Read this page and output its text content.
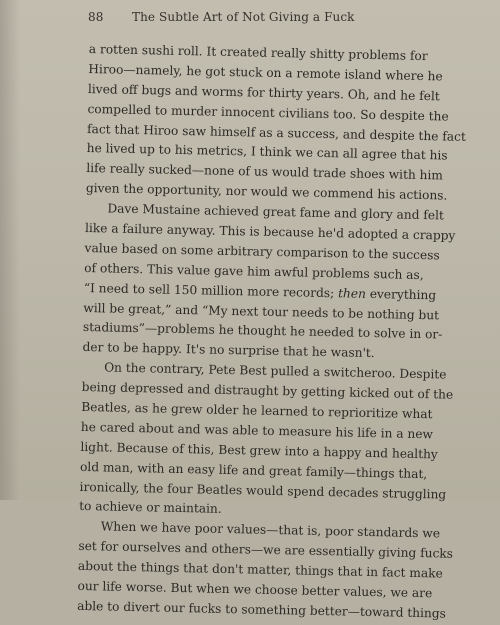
88 The Subtle Art of Not Giving a Fuck
a rotten sushi roll. It created really shitty problems for
Hiroo—namely, he got stuck on a remote island where he
lived off bugs and worms for thirty years. Oh, and he felt
compelled to murder innocent civilians too. So despite the
fact that Hiroo saw himself as a success, and despite the fact
he lived up to his metrics, I think we can all agree that his
life really sucked—none of us would trade shoes with him
given the opportunity, nor would we commend his actions.
Dave Mustaine achieved great fame and glory and felt
like a failure anyway. This is because he'd adopted a crappy
value based on some arbitrary comparison to the success
of others. This value gave him awful problems such as,
“I need to sell 150 million more records; then everything
will be great,” and “My next tour needs to be nothing but
stadiums”—problems he thought he needed to solve in or-
der to be happy. It's no surprise that he wasn't.
On the contrary, Pete Best pulled a switcheroo. Despite
being depressed and distraught by getting kicked out of the
Beatles, as he grew older he learned to reprioritize what
he cared about and was able to measure his life in a new
light. Because of this, Best grew into a happy and healthy
old man, with an easy life and great family—things that,
ironically, the four Beatles would spend decades struggling
to achieve or maintain.
When we have poor values—that is, poor standards we
set for ourselves and others—we are essentially giving fucks
about the things that don't matter, things that in fact make
our life worse. But when we choose better values, we are
able to divert our fucks to something better—toward things
